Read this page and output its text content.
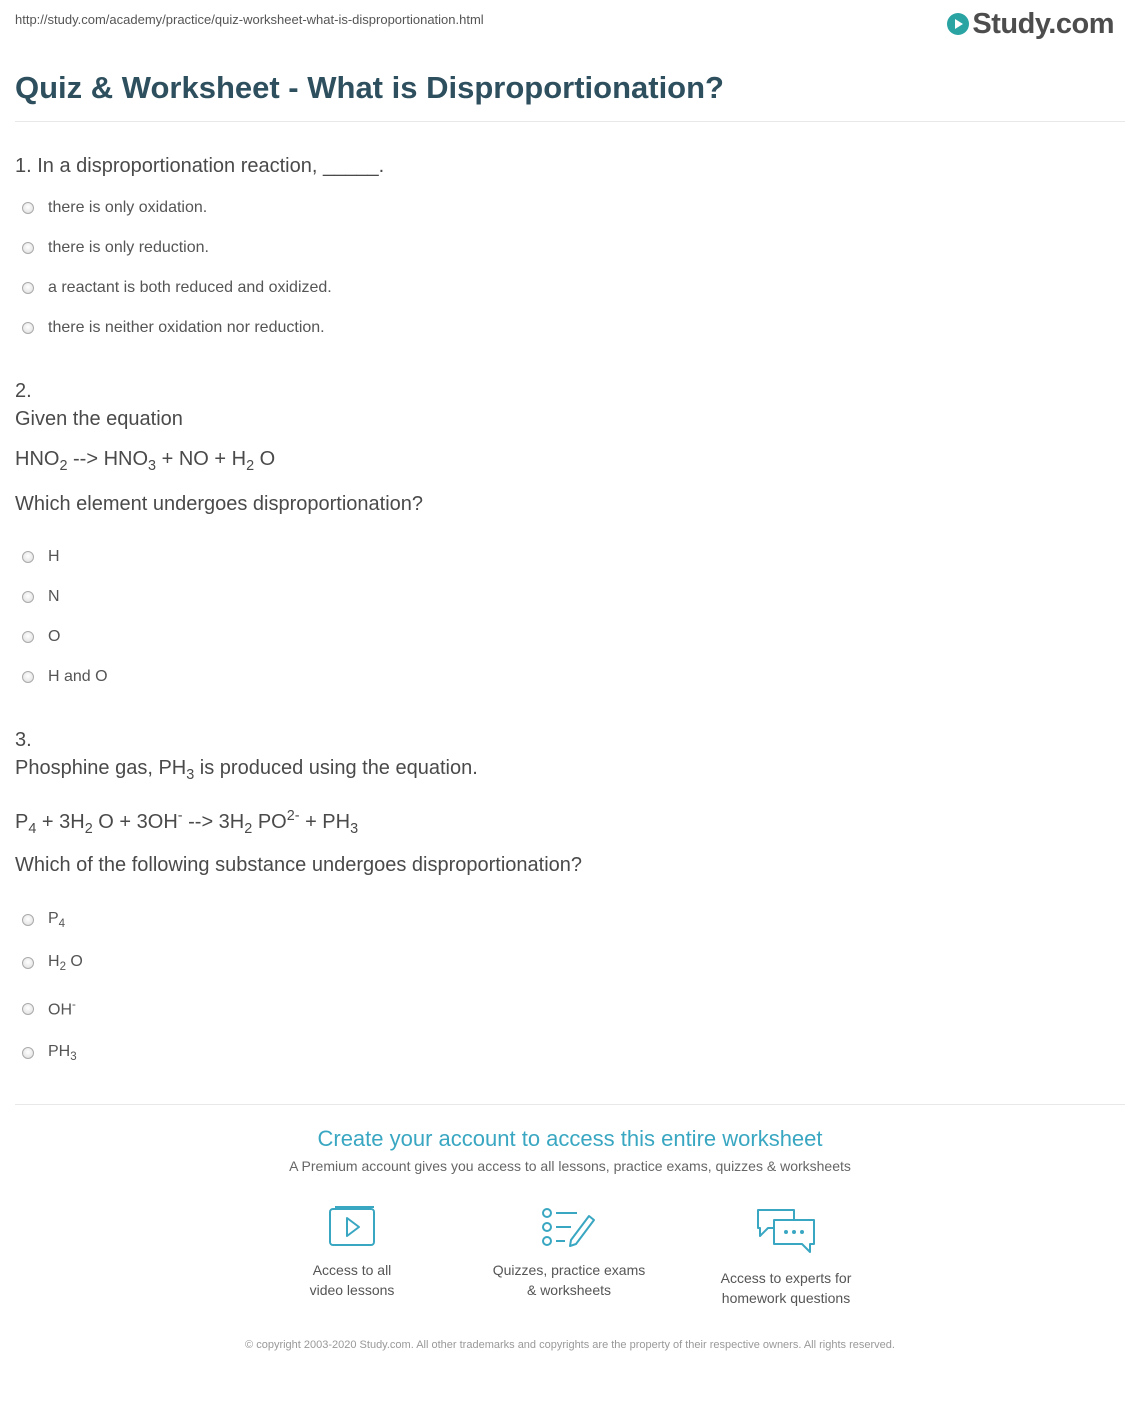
http://study.com/academy/practice/quiz-worksheet-what-is-disproportionation.html	Study.com
Quiz & Worksheet - What is Disproportionation?
1. In a disproportionation reaction, _____.
there is only oxidation.
there is only reduction.
a reactant is both reduced and oxidized.
there is neither oxidation nor reduction.
2.
Given the equation
$HNO_2$ --> $HNO_3$ + NO + $H_2$ O
Which element undergoes disproportionation?
H
N
O
H and O
3.
Phosphine gas, $PH_3$ is produced using the equation.
$P_4 + 3H_2$ O + 3OH- --> $3H_2$ $PO^{2-} + PH_3$
Which of the following substance undergoes disproportionation?
$P_4$
$H_2$ O
OH-
$PH_3$
Create your account to access this entire worksheet
A Premium account gives you access to all lessons, practice exams, quizzes & worksheets
Access to all
video lessons
Quizzes, practice exams
& worksheets
Access to experts for
homework questions
© copyright 2003-2020 Study.com. All other trademarks and copyrights are the property of their respective owners. All rights reserved.
